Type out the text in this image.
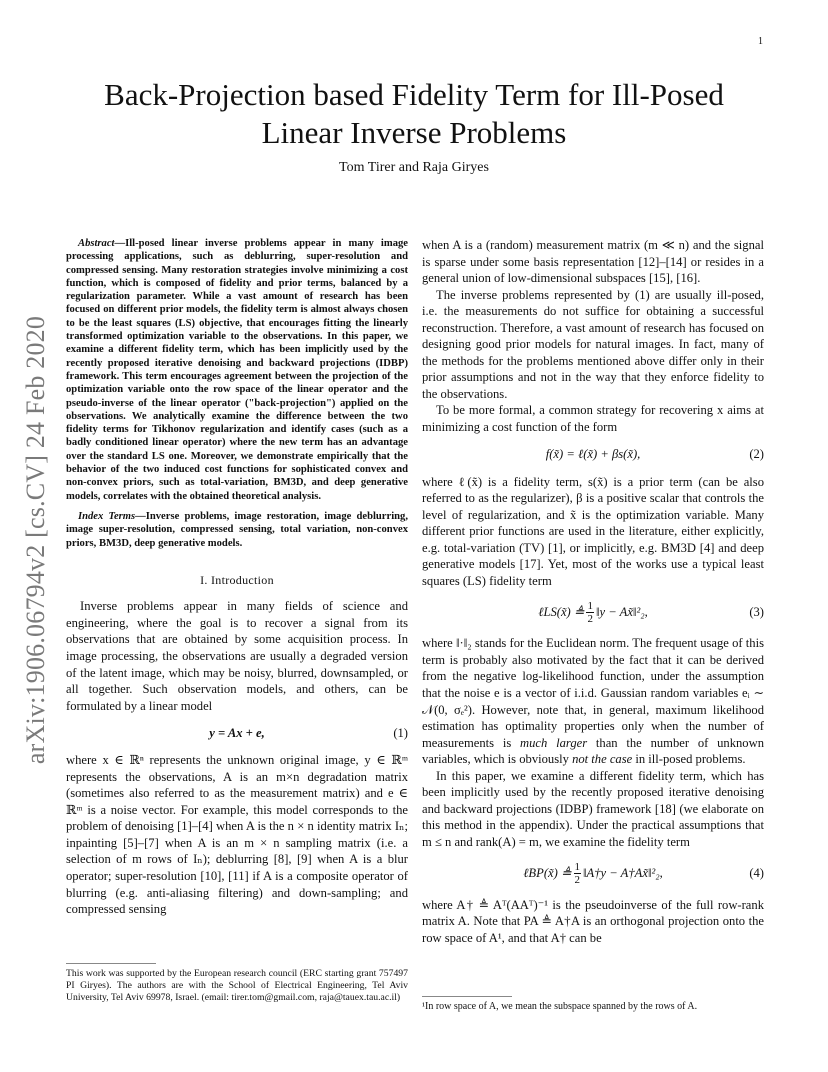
1
arXiv:1906.06794v2 [cs.CV] 24 Feb 2020
Back-Projection based Fidelity Term for Ill-Posed Linear Inverse Problems
Tom Tirer and Raja Giryes

Abstract—Ill-posed linear inverse problems appear in many image processing applications, such as deblurring, super-resolution and compressed sensing. Many restoration strategies involve minimizing a cost function, which is composed of fidelity and prior terms, balanced by a regularization parameter. While a vast amount of research has been focused on different prior models, the fidelity term is almost always chosen to be the least squares (LS) objective, that encourages fitting the linearly transformed optimization variable to the observations. In this paper, we examine a different fidelity term, which has been implicitly used by the recently proposed iterative denoising and backward projections (IDBP) framework. This term encourages agreement between the projection of the optimization variable onto the row space of the linear operator and the pseudo-inverse of the linear operator ("back-projection") applied on the observations. We analytically examine the difference between the two fidelity terms for Tikhonov regularization and identify cases (such as a badly conditioned linear operator) where the new term has an advantage over the standard LS one. Moreover, we demonstrate empirically that the behavior of the two induced cost functions for sophisticated convex and non-convex priors, such as total-variation, BM3D, and deep generative models, correlates with the obtained theoretical analysis.

Index Terms—Inverse problems, image restoration, image deblurring, image super-resolution, compressed sensing, total variation, non-convex priors, BM3D, deep generative models.

I. Introduction

Inverse problems appear in many fields of science and engineering, where the goal is to recover a signal from its observations that are obtained by some acquisition process. In image processing, the observations are usually a degraded version of the latent image, which may be noisy, blurred, downsampled, or all together. Such observation models, and others, can be formulated by a linear model

y = Ax + e,	(1)

where x ∈ ℝⁿ represents the unknown original image, y ∈ ℝᵐ represents the observations, A is an m×n degradation matrix (sometimes also referred to as the measurement matrix) and e ∈ ℝᵐ is a noise vector. For example, this model corresponds to the problem of denoising [1]–[4] when A is the n × n identity matrix Iₙ; inpainting [5]–[7] when A is an m × n sampling matrix (i.e. a selection of m rows of Iₙ); deblurring [8], [9] when A is a blur operator; super-resolution [10], [11] if A is a composite operator of blurring (e.g. anti-aliasing filtering) and down-sampling; and compressed sensing

when A is a (random) measurement matrix (m ≪ n) and the signal is sparse under some basis representation [12]–[14] or resides in a general union of low-dimensional subspaces [15], [16].

The inverse problems represented by (1) are usually ill-posed, i.e. the measurements do not suffice for obtaining a successful reconstruction. Therefore, a vast amount of research has focused on designing good prior models for natural images. In fact, many of the methods for the problems mentioned above differ only in their prior assumptions and not in the way that they enforce fidelity to the observations.

To be more formal, a common strategy for recovering x aims at minimizing a cost function of the form

f(x̃) = ℓ(x̃) + βs(x̃),	(2)

where ℓ(x̃) is a fidelity term, s(x̃) is a prior term (can be also referred to as the regularizer), β is a positive scalar that controls the level of regularization, and x̃ is the optimization variable. Many different prior functions are used in the literature, either explicitly, e.g. total-variation (TV) [1], or implicitly, e.g. BM3D [4] and deep generative models [17]. Yet, most of the works use a typical least squares (LS) fidelity term

ℓLS(x̃) ≜ $\frac{1}{2}$ ‖y − Ax̃‖²₂,	(3)

where ‖·‖₂ stands for the Euclidean norm. The frequent usage of this term is probably also motivated by the fact that it can be derived from the negative log-likelihood function, under the assumption that the noise e is a vector of i.i.d. Gaussian random variables eᵢ ∼ 𝒩(0, σₑ²). However, note that, in general, maximum likelihood estimation has optimality properties only when the number of measurements is much larger than the number of unknown variables, which is obviously not the case in ill-posed problems.

In this paper, we examine a different fidelity term, which has been implicitly used by the recently proposed iterative denoising and backward projections (IDBP) framework [18] (we elaborate on this method in the appendix). Under the practical assumptions that m ≤ n and rank(A) = m, we examine the fidelity term

ℓBP(x̃) ≜ $\frac{1}{2}$ ‖A†y − A†Ax̃‖²₂,	(4)

where A† ≜ Aᵀ(AAᵀ)⁻¹ is the pseudoinverse of the full row-rank matrix A. Note that PA ≜ A†A is an orthogonal projection onto the row space of A¹, and that A† can be

This work was supported by the European research council (ERC starting grant 757497 PI Giryes). The authors are with the School of Electrical Engineering, Tel Aviv University, Tel Aviv 69978, Israel. (email: tirer.tom@gmail.com, raja@tauex.tau.ac.il)
¹In row space of A, we mean the subspace spanned by the rows of A.
